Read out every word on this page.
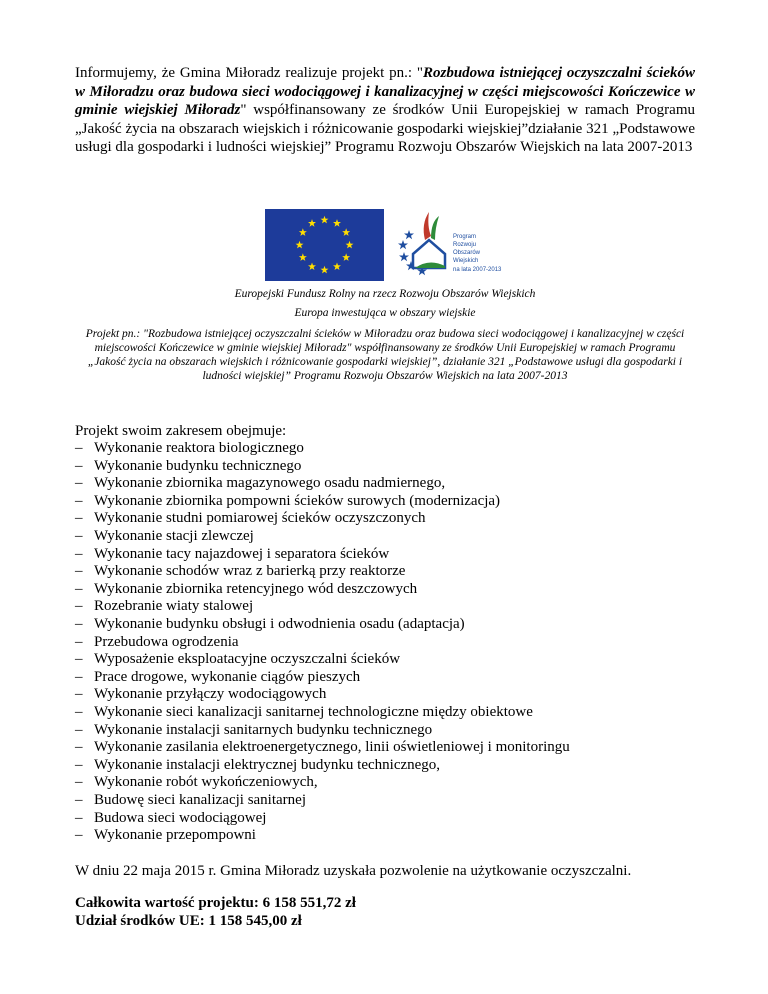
Informujemy, że Gmina Miłoradz realizuje projekt pn.: "Rozbudowa istniejącej oczyszczalni ścieków w Miłoradzu oraz budowa sieci wodociągowej i kanalizacyjnej w części miejscowości Kończewice w gminie wiejskiej Miłoradz" współfinansowany ze środków Unii Europejskiej w ramach Programu „Jakość życia na obszarach wiejskich i różnicowanie gospodarki wiejskiej”działanie 321 „Podstawowe usługi dla gospodarki i ludności wiejskiej” Programu Rozwoju Obszarów Wiejskich na lata 2007-2013

Program
Rozwoju
Obszarów
Wiejskich
na lata 2007-2013

Europejski Fundusz Rolny na rzecz Rozwoju Obszarów Wiejskich

Europa inwestująca w obszary wiejskie

Projekt pn.: "Rozbudowa istniejącej oczyszczalni ścieków w Miłoradzu oraz budowa sieci wodociągowej i kanalizacyjnej w części miejscowości Kończewice w gminie wiejskiej Miłoradz" współfinansowany ze środków Unii Europejskiej w ramach Programu „Jakość życia na obszarach wiejskich i różnicowanie gospodarki wiejskiej”, działanie 321 „Podstawowe usługi dla gospodarki i ludności wiejskiej” Programu Rozwoju Obszarów Wiejskich na lata 2007-2013

Projekt swoim zakresem obejmuje:

– Wykonanie reaktora biologicznego
– Wykonanie budynku technicznego
– Wykonanie zbiornika magazynowego osadu nadmiernego,
– Wykonanie zbiornika pompowni ścieków surowych (modernizacja)
– Wykonanie studni pomiarowej ścieków oczyszczonych
– Wykonanie stacji zlewczej
– Wykonanie tacy najazdowej i separatora ścieków
– Wykonanie schodów wraz z barierką przy reaktorze
– Wykonanie zbiornika retencyjnego wód deszczowych
– Rozebranie wiaty stalowej
– Wykonanie budynku obsługi i odwodnienia osadu (adaptacja)
– Przebudowa ogrodzenia
– Wyposażenie eksploatacyjne oczyszczalni ścieków
– Prace drogowe, wykonanie ciągów pieszych
– Wykonanie przyłączy wodociągowych
– Wykonanie sieci kanalizacji sanitarnej technologiczne między obiektowe
– Wykonanie instalacji sanitarnych budynku technicznego
– Wykonanie zasilania elektroenergetycznego, linii oświetleniowej i monitoringu
– Wykonanie instalacji elektrycznej budynku technicznego,
– Wykonanie robót wykończeniowych,
– Budowę sieci kanalizacji sanitarnej
– Budowa sieci wodociągowej
– Wykonanie przepompowni

W dniu 22 maja 2015 r. Gmina Miłoradz uzyskała pozwolenie na użytkowanie oczyszczalni.

Całkowita wartość projektu: 6 158 551,72 zł
Udział środków UE: 1 158 545,00 zł
